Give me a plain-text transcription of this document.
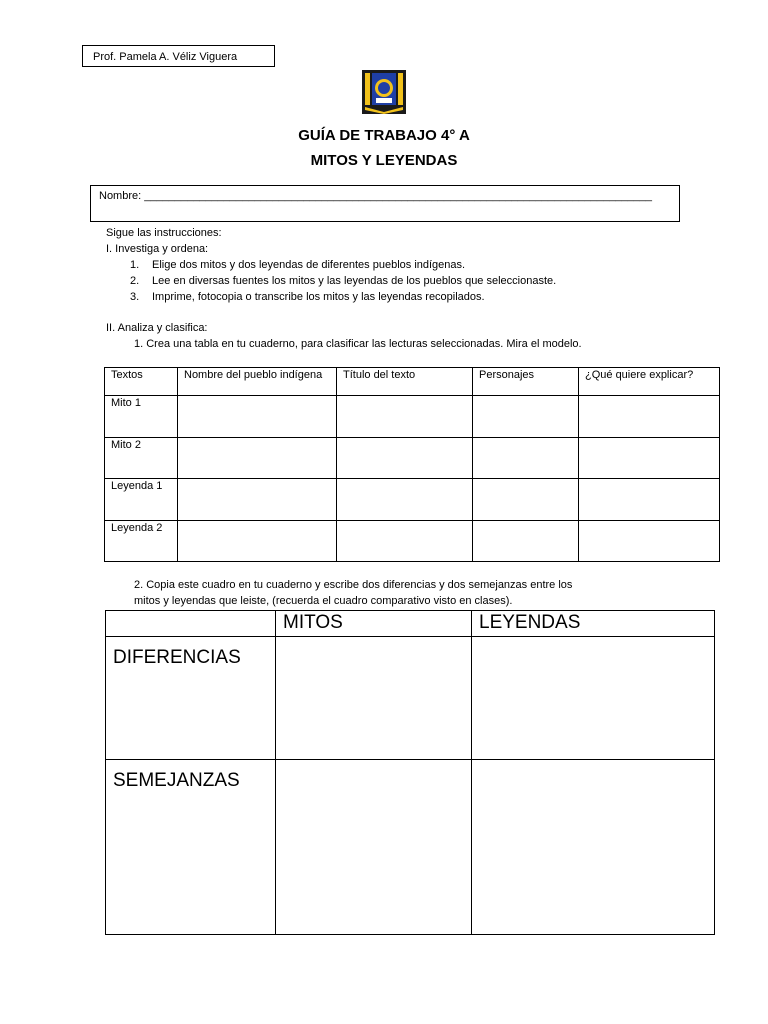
Prof. Pamela A. Véliz Viguera
GUÍA DE TRABAJO 4° A
MITOS Y LEYENDAS
Nombre: ___________________________________________________________________________________
Sigue las instrucciones:
I. Investiga y ordena:
1. Elige dos mitos y dos leyendas de diferentes pueblos indígenas.
2. Lee en diversas fuentes los mitos y las leyendas de los pueblos que seleccionaste.
3. Imprime, fotocopia o transcribe los mitos y las leyendas recopilados.
II. Analiza y clasifica:
1. Crea una tabla en tu cuaderno, para clasificar las lecturas seleccionadas. Mira el modelo.
Textos	Nombre del pueblo indígena	Título del texto	Personajes	¿Qué quiere explicar?
Mito 1				
Mito 2				
Leyenda 1				
Leyenda 2				
2. Copia este cuadro en tu cuaderno y escribe dos diferencias y dos semejanzas entre los
mitos y leyendas que leiste, (recuerda el cuadro comparativo visto en clases).
	MITOS	LEYENDAS
DIFERENCIAS		
SEMEJANZAS		
